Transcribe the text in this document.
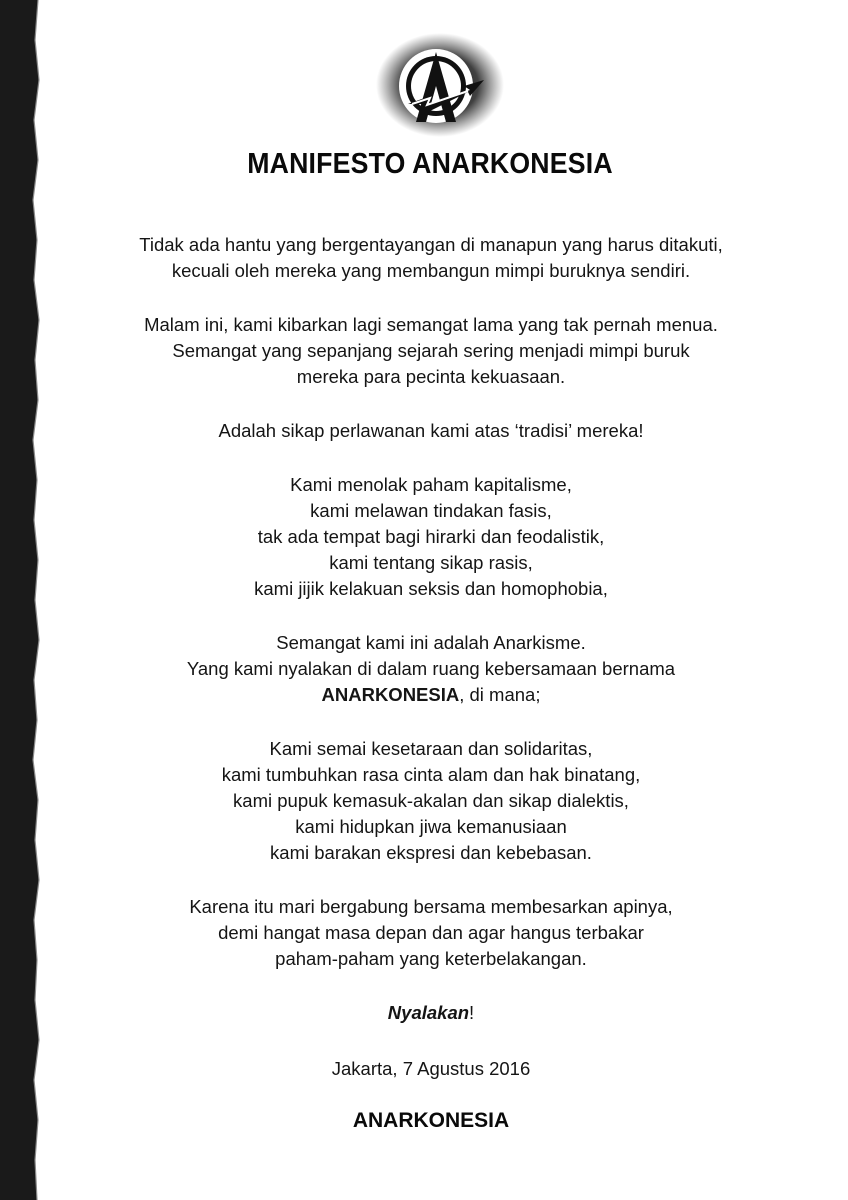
MANIFESTO ANARKONESIA
Tidak ada hantu yang bergentayangan di manapun yang harus ditakuti,
kecuali oleh mereka yang membangun mimpi buruknya sendiri.
Malam ini, kami kibarkan lagi semangat lama yang tak pernah menua.
Semangat yang sepanjang sejarah sering menjadi mimpi buruk
mereka para pecinta kekuasaan.
Adalah sikap perlawanan kami atas ‘tradisi’ mereka!
Kami menolak paham kapitalisme,
kami melawan tindakan fasis,
tak ada tempat bagi hirarki dan feodalistik,
kami tentang sikap rasis,
kami jijik kelakuan seksis dan homophobia,
Semangat kami ini adalah Anarkisme.
Yang kami nyalakan di dalam ruang kebersamaan bernama
ANARKONESIA, di mana;
Kami semai kesetaraan dan solidaritas,
kami tumbuhkan rasa cinta alam dan hak binatang,
kami pupuk kemasuk-akalan dan sikap dialektis,
kami hidupkan jiwa kemanusiaan
kami barakan ekspresi dan kebebasan.
Karena itu mari bergabung bersama membesarkan apinya,
demi hangat masa depan dan agar hangus terbakar
paham-paham yang keterbelakangan.
Nyalakan!
Jakarta, 7 Agustus 2016
ANARKONESIA
